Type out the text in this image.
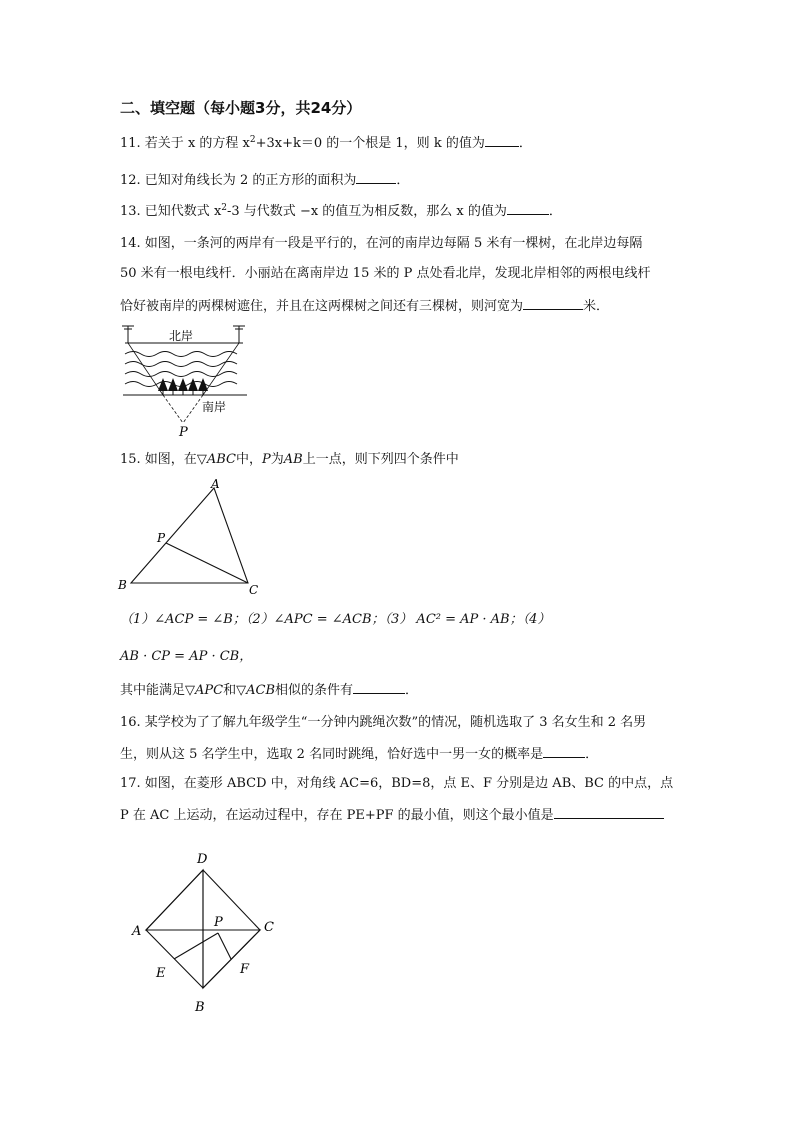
二、填空题（每小题3分，共24分）
11. 若关于 x 的方程 $x^2+3x+k=0$ 的一个根是 1，则 k 的值为	．
12. 已知对角线长为 2 的正方形的面积为	．
13. 已知代数式 $x^2-3$ 与代数式 −x 的值互为相反数，那么 x 的值为	．
14. 如图，一条河的两岸有一段是平行的，在河的南岸边每隔 5 米有一棵树，在北岸边每隔
50 米有一根电线杆．小丽站在离南岸边 15 米的 P 点处看北岸，发现北岸相邻的两根电线杆
恰好被南岸的两棵树遮住，并且在这两棵树之间还有三棵树，则河宽为	米．
北岸
南岸
P
15. 如图，在▽ABC中，P为AB上一点，则下列四个条件中
A
P
B	C
（1）∠ACP = ∠B；（2）∠APC = ∠ACB；（3） AC² = AP · AB；（4）
AB · CP = AP · CB，
其中能满足▽APC和▽ACB相似的条件有	．
16. 某学校为了了解九年级学生“一分钟内跳绳次数”的情况，随机选取了 3 名女生和 2 名男
生，则从这 5 名学生中，选取 2 名同时跳绳，恰好选中一男一女的概率是	．
17. 如图，在菱形 ABCD 中，对角线 AC=6，BD=8，点 E、F 分别是边 AB、BC 的中点，点
P 在 AC 上运动，在运动过程中，存在 PE+PF 的最小值，则这个最小值是
D
A	C
P
E	F
B
